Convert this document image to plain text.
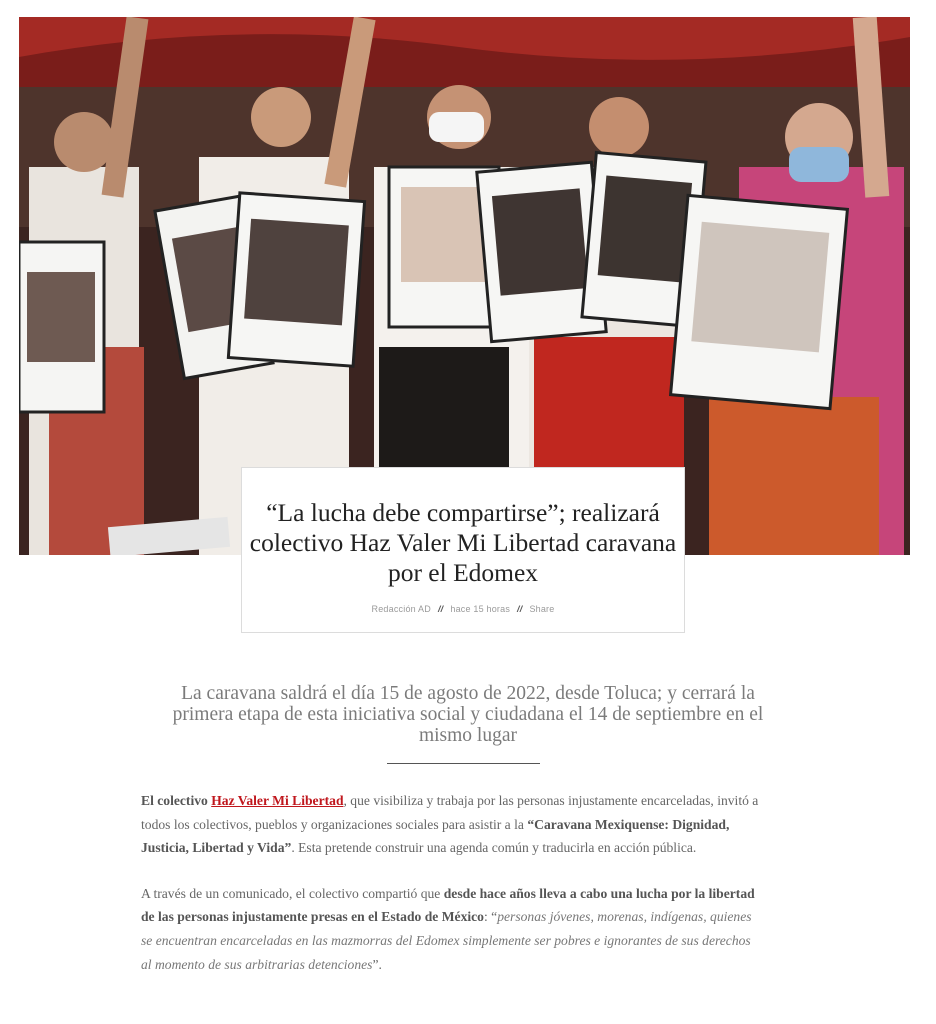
“La lucha debe compartirse”; realizará colectivo Haz Valer Mi Libertad caravana por el Edomex
Redacción AD // hace 15 horas // Share
La caravana saldrá el día 15 de agosto de 2022, desde Toluca; y cerrará la primera etapa de esta iniciativa social y ciudadana el 14 de septiembre en el mismo lugar

El colectivo Haz Valer Mi Libertad, que visibiliza y trabaja por las personas injustamente encarceladas, invitó a todos los colectivos, pueblos y organizaciones sociales para asistir a la “Caravana Mexiquense: Dignidad, Justicia, Libertad y Vida”. Esta pretende construir una agenda común y traducirla en acción pública.

A través de un comunicado, el colectivo compartió que desde hace años lleva a cabo una lucha por la libertad de las personas injustamente presas en el Estado de México: “personas jóvenes, morenas, indígenas, quienes se encuentran encarceladas en las mazmorras del Edomex simplemente ser pobres e ignorantes de sus derechos al momento de sus arbitrarias detenciones”.
